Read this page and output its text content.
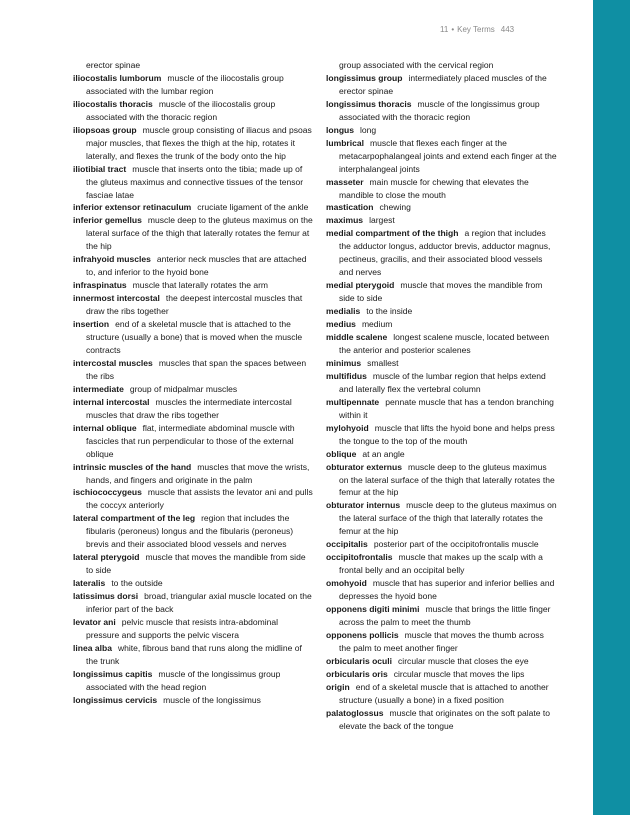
11 • Key Terms 443
erector spinae
iliocostalis lumborum muscle of the iliocostalis group associated with the lumbar region
iliocostalis thoracis muscle of the iliocostalis group associated with the thoracic region
iliopsoas group muscle group consisting of iliacus and psoas major muscles, that flexes the thigh at the hip, rotates it laterally, and flexes the trunk of the body onto the hip
iliotibial tract muscle that inserts onto the tibia; made up of the gluteus maximus and connective tissues of the tensor fasciae latae
inferior extensor retinaculum cruciate ligament of the ankle
inferior gemellus muscle deep to the gluteus maximus on the lateral surface of the thigh that laterally rotates the femur at the hip
infrahyoid muscles anterior neck muscles that are attached to, and inferior to the hyoid bone
infraspinatus muscle that laterally rotates the arm
innermost intercostal the deepest intercostal muscles that draw the ribs together
insertion end of a skeletal muscle that is attached to the structure (usually a bone) that is moved when the muscle contracts
intercostal muscles muscles that span the spaces between the ribs
intermediate group of midpalmar muscles
internal intercostal muscles the intermediate intercostal muscles that draw the ribs together
internal oblique flat, intermediate abdominal muscle with fascicles that run perpendicular to those of the external oblique
intrinsic muscles of the hand muscles that move the wrists, hands, and fingers and originate in the palm
ischiococcygeus muscle that assists the levator ani and pulls the coccyx anteriorly
lateral compartment of the leg region that includes the fibularis (peroneus) longus and the fibularis (peroneus) brevis and their associated blood vessels and nerves
lateral pterygoid muscle that moves the mandible from side to side
lateralis to the outside
latissimus dorsi broad, triangular axial muscle located on the inferior part of the back
levator ani pelvic muscle that resists intra-abdominal pressure and supports the pelvic viscera
linea alba white, fibrous band that runs along the midline of the trunk
longissimus capitis muscle of the longissimus group associated with the head region
longissimus cervicis muscle of the longissimus
group associated with the cervical region
longissimus group intermediately placed muscles of the erector spinae
longissimus thoracis muscle of the longissimus group associated with the thoracic region
longus long
lumbrical muscle that flexes each finger at the metacarpophalangeal joints and extend each finger at the interphalangeal joints
masseter main muscle for chewing that elevates the mandible to close the mouth
mastication chewing
maximus largest
medial compartment of the thigh a region that includes the adductor longus, adductor brevis, adductor magnus, pectineus, gracilis, and their associated blood vessels and nerves
medial pterygoid muscle that moves the mandible from side to side
medialis to the inside
medius medium
middle scalene longest scalene muscle, located between the anterior and posterior scalenes
minimus smallest
multifidus muscle of the lumbar region that helps extend and laterally flex the vertebral column
multipennate pennate muscle that has a tendon branching within it
mylohyoid muscle that lifts the hyoid bone and helps press the tongue to the top of the mouth
oblique at an angle
obturator externus muscle deep to the gluteus maximus on the lateral surface of the thigh that laterally rotates the femur at the hip
obturator internus muscle deep to the gluteus maximus on the lateral surface of the thigh that laterally rotates the femur at the hip
occipitalis posterior part of the occipitofrontalis muscle
occipitofrontalis muscle that makes up the scalp with a frontal belly and an occipital belly
omohyoid muscle that has superior and inferior bellies and depresses the hyoid bone
opponens digiti minimi muscle that brings the little finger across the palm to meet the thumb
opponens pollicis muscle that moves the thumb across the palm to meet another finger
orbicularis oculi circular muscle that closes the eye
orbicularis oris circular muscle that moves the lips
origin end of a skeletal muscle that is attached to another structure (usually a bone) in a fixed position
palatoglossus muscle that originates on the soft palate to elevate the back of the tongue
